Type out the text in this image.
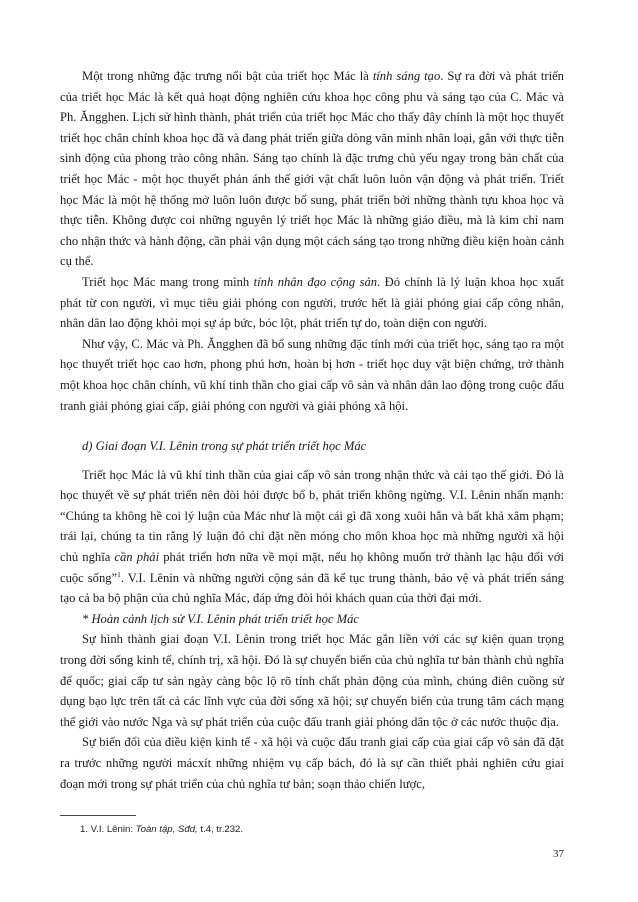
Một trong những đặc trưng nổi bật của triết học Mác là tính sáng tạo. Sự ra đời và phát triển của triết học Mác là kết quả hoạt động nghiên cứu khoa học công phu và sáng tạo của C. Mác và Ph. Ăngghen. Lịch sử hình thành, phát triển của triết học Mác cho thấy đây chính là một học thuyết triết học chân chính khoa học đã và đang phát triển giữa dòng văn minh nhân loại, gắn với thực tiễn sinh động của phong trào công nhân. Sáng tạo chính là đặc trưng chủ yếu ngay trong bản chất của triết học Mác - một học thuyết phản ánh thế giới vật chất luôn luôn vận động và phát triển. Triết học Mác là một hệ thống mở luôn luôn được bổ sung, phát triển bởi những thành tựu khoa học và thực tiễn. Không được coi những nguyên lý triết học Mác là những giáo điều, mà là kim chỉ nam cho nhận thức và hành động, cần phải vận dụng một cách sáng tạo trong những điều kiện hoàn cảnh cụ thể.

Triết học Mác mang trong mình tính nhân đạo cộng sản. Đó chính là lý luận khoa học xuất phát từ con người, vì mục tiêu giải phóng con người, trước hết là giải phóng giai cấp công nhân, nhân dân lao động khỏi mọi sự áp bức, bóc lột, phát triển tự do, toàn diện con người.

Như vậy, C. Mác và Ph. Ăngghen đã bổ sung những đặc tính mới của triết học, sáng tạo ra một học thuyết triết học cao hơn, phong phú hơn, hoàn bị hơn - triết học duy vật biện chứng, trở thành một khoa học chân chính, vũ khí tinh thần cho giai cấp vô sản và nhân dân lao động trong cuộc đấu tranh giải phóng giai cấp, giải phóng con người và giải phóng xã hội.

d) Giai đoạn V.I. Lênin trong sự phát triển triết học Mác

Triết học Mác là vũ khí tinh thần của giai cấp vô sản trong nhận thức và cải tạo thế giới. Đó là học thuyết về sự phát triển nên đòi hỏi được bổ b, phát triển không ngừng. V.I. Lênin nhấn mạnh: “Chúng ta không hề coi lý luận của Mác như là một cái gì đã xong xuôi hẳn và bất khả xâm phạm; trái lại, chúng ta tin rằng lý luận đó chỉ đặt nền móng cho môn khoa học mà những người xã hội chủ nghĩa cần phải phát triển hơn nữa về mọi mặt, nếu họ không muốn trở thành lạc hậu đối với cuộc sống”$^1$. V.I. Lênin và những người cộng sản đã kế tục trung thành, bảo vệ và phát triển sáng tạo cả ba bộ phận của chủ nghĩa Mác, đáp ứng đòi hỏi khách quan của thời đại mới.

* Hoàn cảnh lịch sử V.I. Lênin phát triển triết học Mác

Sự hình thành giai đoạn V.I. Lênin trong triết học Mác gắn liền với các sự kiện quan trọng trong đời sống kinh tế, chính trị, xã hội. Đó là sự chuyển biến của chủ nghĩa tư bản thành chủ nghĩa đế quốc; giai cấp tư sản ngày càng bộc lộ rõ tính chất phản động của mình, chúng điên cuồng sử dụng bạo lực trên tất cả các lĩnh vực của đời sống xã hội; sự chuyển biến của trung tâm cách mạng thế giới vào nước Nga và sự phát triển của cuộc đấu tranh giải phóng dân tộc ở các nước thuộc địa.

Sự biến đổi của điều kiện kinh tế - xã hội và cuộc đấu tranh giai cấp của giai cấp vô sản đã đặt ra trước những người mácxít những nhiệm vụ cấp bách, đó là sự cần thiết phải nghiên cứu giai đoạn mới trong sự phát triển của chủ nghĩa tư bản; soạn thảo chiến lược,

1. V.I. Lênin: Toàn tập, Sđd, t.4, tr.232.
37
